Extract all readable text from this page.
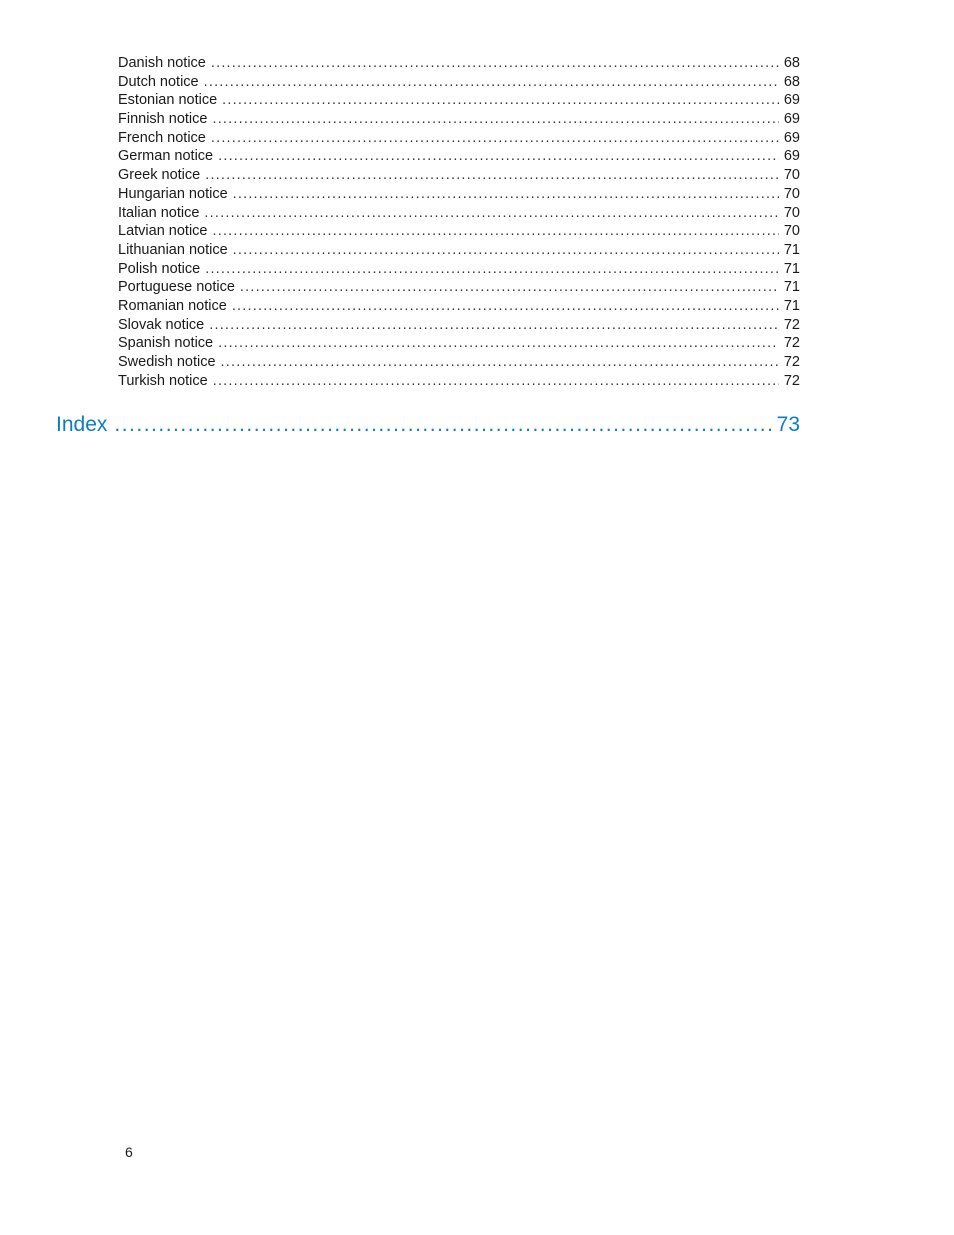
Danish notice .....	68
Dutch notice .....	68
Estonian notice .....	69
Finnish notice .....	69
French notice .....	69
German notice .....	69
Greek notice .....	70
Hungarian notice .....	70
Italian notice .....	70
Latvian notice .....	70
Lithuanian notice .....	71
Polish notice .....	71
Portuguese notice .....	71
Romanian notice .....	71
Slovak notice .....	72
Spanish notice .....	72
Swedish notice .....	72
Turkish notice .....	72
Index .....	73
6
